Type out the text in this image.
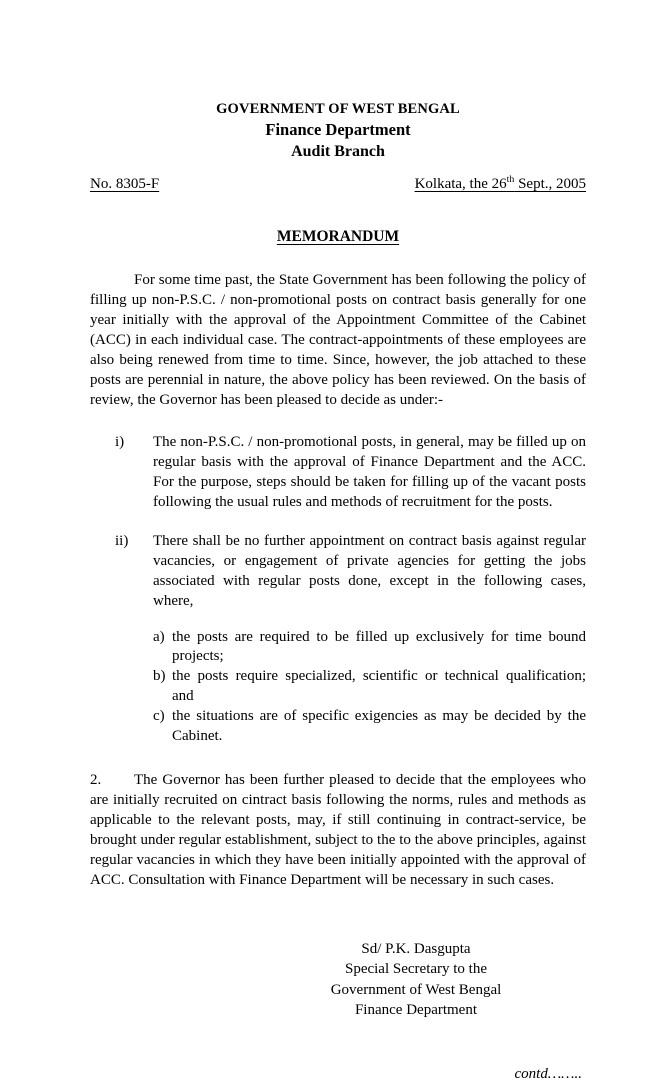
GOVERNMENT OF WEST BENGAL
Finance Department
Audit Branch
No. 8305-F	Kolkata, the 26th Sept., 2005
MEMORANDUM

For some time past, the State Government has been following the policy of filling up non-P.S.C. / non-promotional posts on contract basis generally for one year initially with the approval of the Appointment Committee of the Cabinet (ACC) in each individual case. The contract-appointments of these employees are also being renewed from time to time. Since, however, the job attached to these posts are perennial in nature, the above policy has been reviewed. On the basis of review, the Governor has been pleased to decide as under:-

i) The non-P.S.C. / non-promotional posts, in general, may be filled up on regular basis with the approval of Finance Department and the ACC. For the purpose, steps should be taken for filling up of the vacant posts following the usual rules and methods of recruitment for the posts.
ii) There shall be no further appointment on contract basis against regular vacancies, or engagement of private agencies for getting the jobs associated with regular posts done, except in the following cases, where,
a) the posts are required to be filled up exclusively for time bound projects;
b) the posts require specialized, scientific or technical qualification; and
c) the situations are of specific exigencies as may be decided by the Cabinet.

2. The Governor has been further pleased to decide that the employees who are initially recruited on cintract basis following the norms, rules and methods as applicable to the relevant posts, may, if still continuing in contract-service, be brought under regular establishment, subject to the to the above principles, against regular vacancies in which they have been initially appointed with the approval of ACC. Consultation with Finance Department will be necessary in such cases.

Sd/ P.K. Dasgupta
Special Secretary to the
Government of West Bengal
Finance Department
contd……..
